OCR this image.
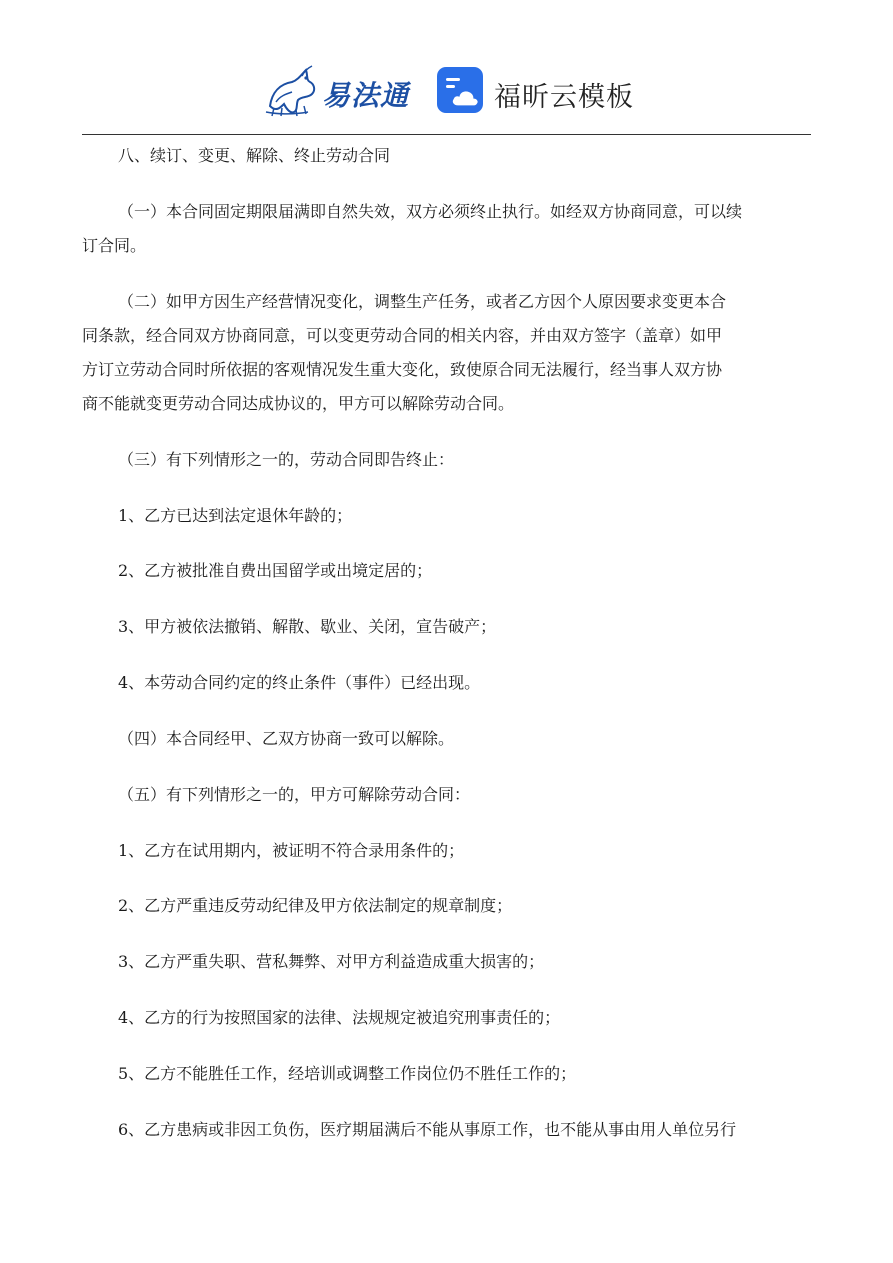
易法通	福昕云模板
八、续订、变更、解除、终止劳动合同
（一）本合同固定期限届满即自然失效，双方必须终止执行。如经双方协商同意，可以续
订合同。
（二）如甲方因生产经营情况变化，调整生产任务，或者乙方因个人原因要求变更本合
同条款，经合同双方协商同意，可以变更劳动合同的相关内容，并由双方签字（盖章）如甲
方订立劳动合同时所依据的客观情况发生重大变化，致使原合同无法履行，经当事人双方协
商不能就变更劳动合同达成协议的，甲方可以解除劳动合同。
（三）有下列情形之一的，劳动合同即告终止：
1、乙方已达到法定退休年龄的；
2、乙方被批准自费出国留学或出境定居的；
3、甲方被依法撤销、解散、歇业、关闭，宣告破产；
4、本劳动合同约定的终止条件（事件）已经出现。
（四）本合同经甲、乙双方协商一致可以解除。
（五）有下列情形之一的，甲方可解除劳动合同：
1、乙方在试用期内，被证明不符合录用条件的；
2、乙方严重违反劳动纪律及甲方依法制定的规章制度；
3、乙方严重失职、营私舞弊、对甲方利益造成重大损害的；
4、乙方的行为按照国家的法律、法规规定被追究刑事责任的；
5、乙方不能胜任工作，经培训或调整工作岗位仍不胜任工作的；
6、乙方患病或非因工负伤，医疗期届满后不能从事原工作，也不能从事由用人单位另行
